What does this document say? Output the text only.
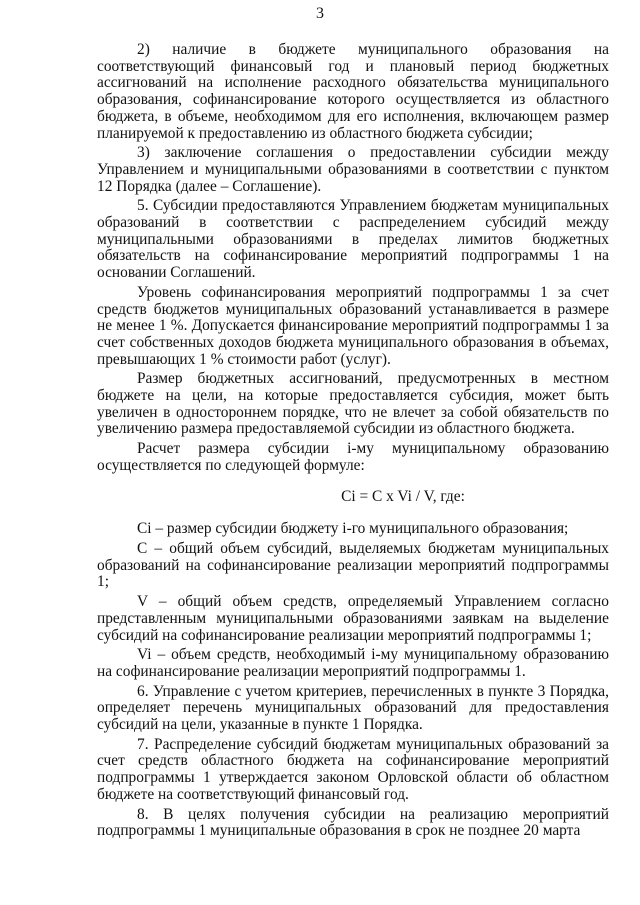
3

2) наличие в бюджете муниципального образования на соответствующий финансовый год и плановый период бюджетных ассигнований на исполнение расходного обязательства муниципального образования, софинансирование которого осуществляется из областного бюджета, в объеме, необходимом для его исполнения, включающем размер планируемой к предоставлению из областного бюджета субсидии;

3) заключение соглашения о предоставлении субсидии между Управлением и муниципальными образованиями в соответствии с пунктом 12 Порядка (далее – Соглашение).

5. Субсидии предоставляются Управлением бюджетам муниципальных образований в соответствии с распределением субсидий между муниципальными образованиями в пределах лимитов бюджетных обязательств на софинансирование мероприятий подпрограммы 1 на основании Соглашений.

Уровень софинансирования мероприятий подпрограммы 1 за счет средств бюджетов муниципальных образований устанавливается в размере не менее 1 %. Допускается финансирование мероприятий подпрограммы 1 за счет собственных доходов бюджета муниципального образования в объемах, превышающих 1 % стоимости работ (услуг).

Размер бюджетных ассигнований, предусмотренных в местном бюджете на цели, на которые предоставляется субсидия, может быть увеличен в одностороннем порядке, что не влечет за собой обязательств по увеличению размера предоставляемой субсидии из областного бюджета.

Расчет размера субсидии i-му муниципальному образованию осуществляется по следующей формуле:

Ci = C x Vi / V, где:

Ci – размер субсидии бюджету i-го муниципального образования;

C – общий объем субсидий, выделяемых бюджетам муниципальных образований на софинансирование реализации мероприятий подпрограммы 1;

V – общий объем средств, определяемый Управлением согласно представленным муниципальными образованиями заявкам на выделение субсидий на софинансирование реализации мероприятий подпрограммы 1;

Vi – объем средств, необходимый i-му муниципальному образованию на софинансирование реализации мероприятий подпрограммы 1.

6. Управление с учетом критериев, перечисленных в пункте 3 Порядка, определяет перечень муниципальных образований для предоставления субсидий на цели, указанные в пункте 1 Порядка.

7. Распределение субсидий бюджетам муниципальных образований за счет средств областного бюджета на софинансирование мероприятий подпрограммы 1 утверждается законом Орловской области об областном бюджете на соответствующий финансовый год.

8. В целях получения субсидии на реализацию мероприятий подпрограммы 1 муниципальные образования в срок не позднее 20 марта
